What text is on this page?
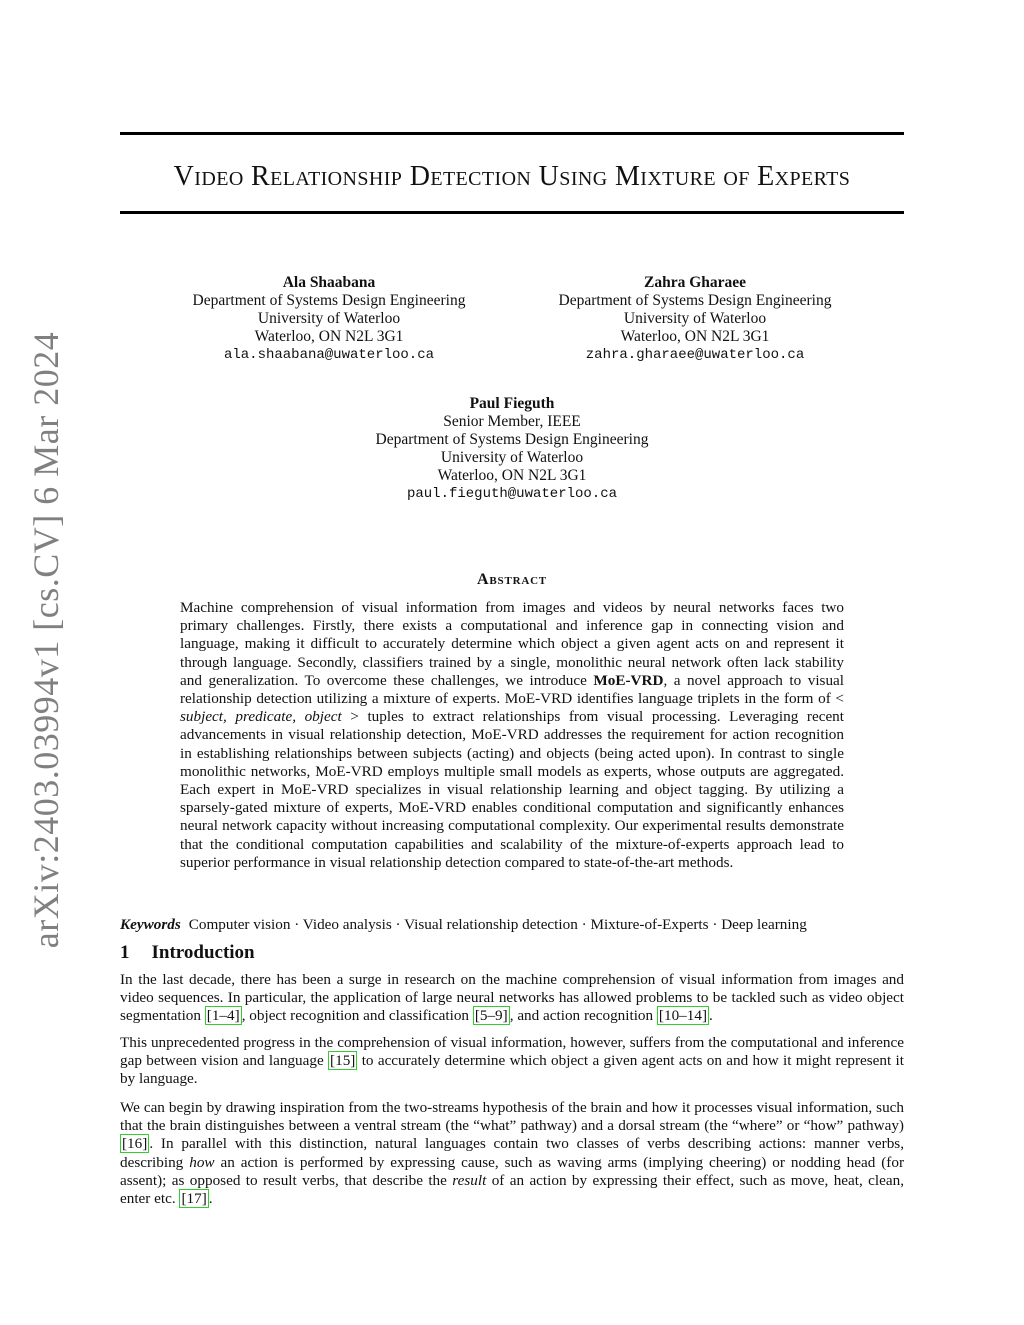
arXiv:2403.03994v1 [cs.CV] 6 Mar 2024
Video Relationship Detection Using Mixture of Experts
Ala Shaabana
Department of Systems Design Engineering
University of Waterloo
Waterloo, ON N2L 3G1
ala.shaabana@uwaterloo.ca
Zahra Gharaee
Department of Systems Design Engineering
University of Waterloo
Waterloo, ON N2L 3G1
zahra.gharaee@uwaterloo.ca
Paul Fieguth
Senior Member, IEEE
Department of Systems Design Engineering
University of Waterloo
Waterloo, ON N2L 3G1
paul.fieguth@uwaterloo.ca
Abstract
Machine comprehension of visual information from images and videos by neural networks faces two primary challenges. Firstly, there exists a computational and inference gap in connecting vision and language, making it difficult to accurately determine which object a given agent acts on and represent it through language. Secondly, classifiers trained by a single, monolithic neural network often lack stability and generalization. To overcome these challenges, we introduce MoE-VRD, a novel approach to visual relationship detection utilizing a mixture of experts. MoE-VRD identifies language triplets in the form of < subject, predicate, object > tuples to extract relationships from visual processing. Leveraging recent advancements in visual relationship detection, MoE-VRD addresses the requirement for action recognition in establishing relationships between subjects (acting) and objects (being acted upon). In contrast to single monolithic networks, MoE-VRD employs multiple small models as experts, whose outputs are aggregated. Each expert in MoE-VRD specializes in visual relationship learning and object tagging. By utilizing a sparsely-gated mixture of experts, MoE-VRD enables conditional computation and significantly enhances neural network capacity without increasing computational complexity. Our experimental results demonstrate that the conditional computation capabilities and scalability of the mixture-of-experts approach lead to superior performance in visual relationship detection compared to state-of-the-art methods.
Keywords Computer vision · Video analysis · Visual relationship detection · Mixture-of-Experts · Deep learning
1 Introduction
In the last decade, there has been a surge in research on the machine comprehension of visual information from images and video sequences. In particular, the application of large neural networks has allowed problems to be tackled such as video object segmentation [1–4] , object recognition and classification [5–9] , and action recognition [10–14] .
This unprecedented progress in the comprehension of visual information, however, suffers from the computational and inference gap between vision and language [15] to accurately determine which object a given agent acts on and how it might represent it by language.
We can begin by drawing inspiration from the two-streams hypothesis of the brain and how it processes visual information, such that the brain distinguishes between a ventral stream (the “what” pathway) and a dorsal stream (the “where” or “how” pathway) [16] . In parallel with this distinction, natural languages contain two classes of verbs describing actions: manner verbs, describing how an action is performed by expressing cause, such as waving arms (implying cheering) or nodding head (for assent); as opposed to result verbs, that describe the result of an action by expressing their effect, such as move, heat, clean, enter etc. [17] .
